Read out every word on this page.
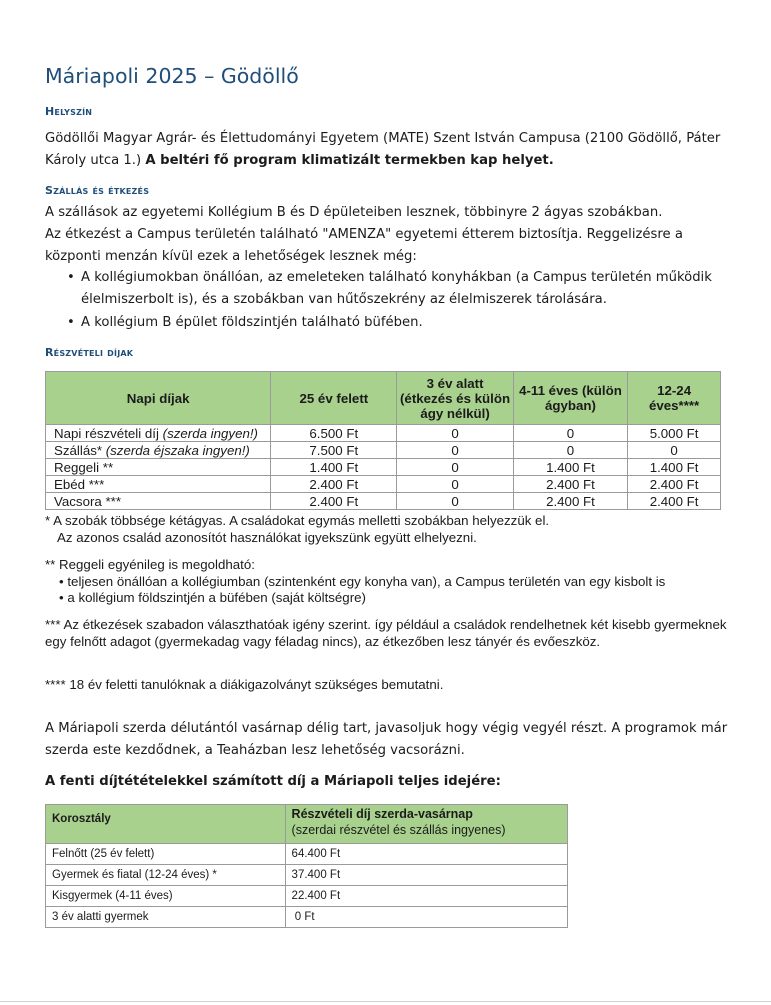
Máriapoli 2025 – Gödöllő
Helyszín
Gödöllői Magyar Agrár- és Élettudományi Egyetem (MATE) Szent István Campusa (2100 Gödöllő, Páter Károly utca 1.) A beltéri fő program klimatizált termekben kap helyet.
Szállás és étkezés
A szállások az egyetemi Kollégium B és D épületeiben lesznek, többinyre 2 ágyas szobákban.
Az étkezést a Campus területén található "AMENZA" egyetemi étterem biztosítja. Reggelizésre a központi menzán kívül ezek a lehetőségek lesznek még:
• A kollégiumokban önállóan, az emeleteken található konyhákban (a Campus területén működik élelmiszerbolt is), és a szobákban van hűtőszekrény az élelmiszerek tárolására.
• A kollégium B épület földszintjén található büfében.
Részvételi díjak
Napi díjak	25 év felett	3 év alatt (étkezés és külön ágy nélkül)	4-11 éves (külön ágyban)	12-24 éves****
Napi részvételi díj (szerda ingyen!)	6.500 Ft	0	0	5.000 Ft
Szállás* (szerda éjszaka ingyen!)	7.500 Ft	0	0	0
Reggeli **	1.400 Ft	0	1.400 Ft	1.400 Ft
Ebéd ***	2.400 Ft	0	2.400 Ft	2.400 Ft
Vacsora ***	2.400 Ft	0	2.400 Ft	2.400 Ft
* A szobák többsége kétágyas. A családokat egymás melletti szobákban helyezzük el.
Az azonos család azonosítót használókat igyekszünk együtt elhelyezni.
** Reggeli egyénileg is megoldható:
• teljesen önállóan a kollégiumban (szintenként egy konyha van), a Campus területén van egy kisbolt is
• a kollégium földszintjén a büfében (saját költségre)
*** Az étkezések szabadon választhatóak igény szerint. így például a családok rendelhetnek két kisebb gyermeknek egy felnőtt adagot (gyermekadag vagy féladag nincs), az étkezőben lesz tányér és evőeszköz.
**** 18 év feletti tanulóknak a diákigazolványt szükséges bemutatni.
A Máriapoli szerda délutántól vasárnap délig tart, javasoljuk hogy végig vegyél részt. A programok már szerda este kezdődnek, a Teaházban lesz lehetőség vacsorázni.
A fenti díjtétételekkel számított díj a Máriapoli teljes idejére:
Korosztály	Részvételi díj szerda-vasárnap
(szerdai részvétel és szállás ingyenes)

Felnőtt (25 év felett)	64.400 Ft
Gyermek és fiatal (12-24 éves) *	37.400 Ft
Kisgyermek (4-11 éves)	22.400 Ft
3 év alatti gyermek	0 Ft
